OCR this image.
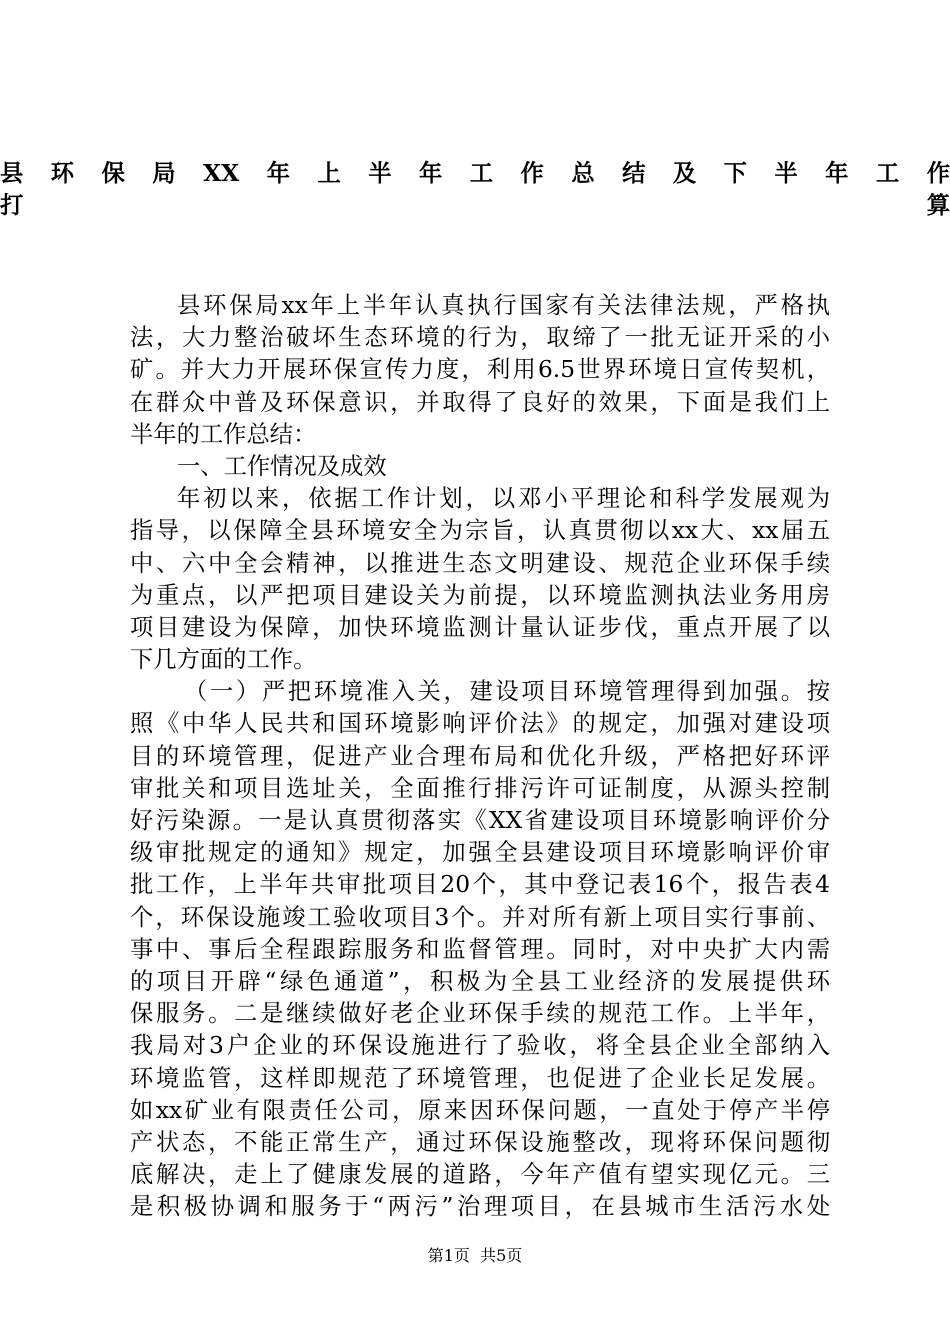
县环保局XX年上半年工作总结及下半年工作
打算
县环保局xx年上半年认真执行国家有关法律法规，严格执
法，大力整治破坏生态环境的行为，取缔了一批无证开采的小
矿。并大力开展环保宣传力度，利用6.5世界环境日宣传契机，
在群众中普及环保意识，并取得了良好的效果，下面是我们上
半年的工作总结：
一、工作情况及成效
年初以来，依据工作计划，以邓小平理论和科学发展观为
指导，以保障全县环境安全为宗旨，认真贯彻以xx大、xx届五
中、六中全会精神，以推进生态文明建设、规范企业环保手续
为重点，以严把项目建设关为前提，以环境监测执法业务用房
项目建设为保障，加快环境监测计量认证步伐，重点开展了以
下几方面的工作。
（一）严把环境准入关，建设项目环境管理得到加强。按
照《中华人民共和国环境影响评价法》的规定，加强对建设项
目的环境管理，促进产业合理布局和优化升级，严格把好环评
审批关和项目选址关，全面推行排污许可证制度，从源头控制
好污染源。一是认真贯彻落实《XX省建设项目环境影响评价分
级审批规定的通知》规定，加强全县建设项目环境影响评价审
批工作，上半年共审批项目20个，其中登记表16个，报告表4
个，环保设施竣工验收项目3个。并对所有新上项目实行事前、
事中、事后全程跟踪服务和监督管理。同时，对中央扩大内需
的项目开辟“绿色通道”，积极为全县工业经济的发展提供环
保服务。二是继续做好老企业环保手续的规范工作。上半年，
我局对3户企业的环保设施进行了验收，将全县企业全部纳入
环境监管，这样即规范了环境管理，也促进了企业长足发展。
如xx矿业有限责任公司，原来因环保问题，一直处于停产半停
产状态，不能正常生产，通过环保设施整改，现将环保问题彻
底解决，走上了健康发展的道路，今年产值有望实现亿元。三
是积极协调和服务于“两污”治理项目，在县城市生活污水处
第1页  共5页
